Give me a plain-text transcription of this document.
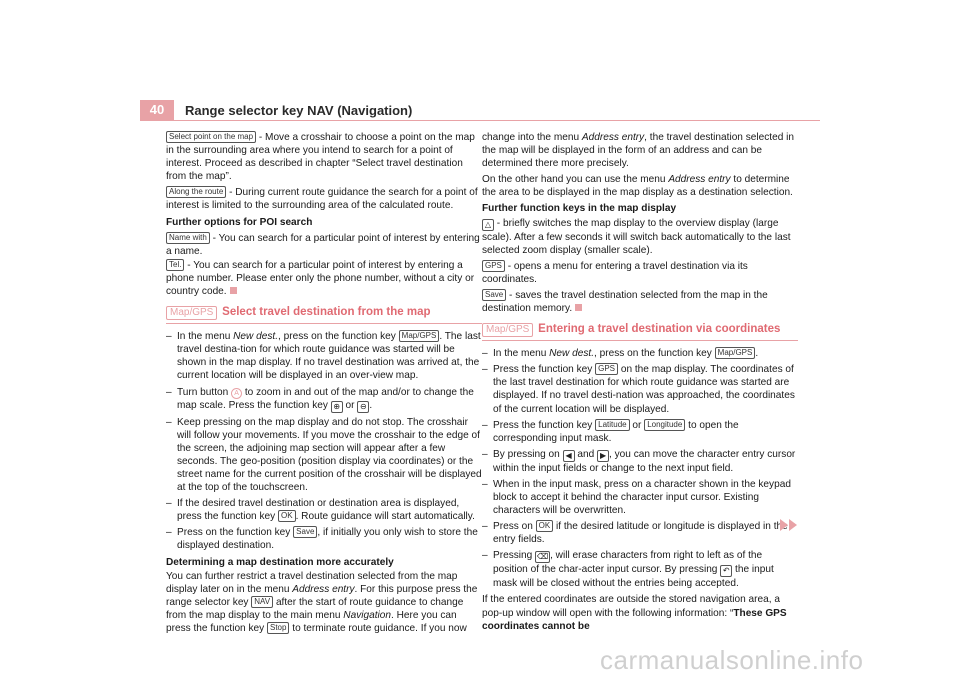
40	Range selector key NAV (Navigation)

Select point on the map - Move a crosshair to choose a point on the map in the surrounding area where you intend to search for a point of interest. Proceed as described in chapter “Select travel destination from the map”.

Along the route - During current route guidance the search for a point of interest is limited to the surrounding area of the calculated route.

Further options for POI search

Name with - You can search for a particular point of interest by entering a name.

Tel. - You can search for a particular point of interest by entering a phone number. Please enter only the phone number, without a city or country code.

Map/GPS Select travel destination from the map
– In the menu New dest., press on the function key Map/GPS . The last travel destina-tion for which route guidance was started will be shown in the map display. If no travel destination was arrived at, the current location will be displayed in an over-view map.
– Turn button A to zoom in and out of the map and/or to change the map scale. Press the function key ⊕ or ⊖ .
– Keep pressing on the map display and do not stop. The crosshair will follow your movements. If you move the crosshair to the edge of the screen, the adjoining map section will appear after a few seconds. The geo-position (position display via coordinates) or the street name for the current position of the crosshair will be displayed at the top of the touchscreen.
– If the desired travel destination or destination area is displayed, press the function key OK . Route guidance will start automatically.
– Press on the function key Save , if initially you only wish to store the displayed destination.

Determining a map destination more accurately

You can further restrict a travel destination selected from the map display later on in the menu Address entry. For this purpose press the range selector key NAV after the start of route guidance to change from the map display to the main menu Navigation. Here you can press the function key Stop to terminate route guidance. If you now

change into the menu Address entry, the travel destination selected in the map will be displayed in the form of an address and can be determined there more precisely.

On the other hand you can use the menu Address entry to determine the area to be displayed in the map display as a destination selection.

Further function keys in the map display

△ - briefly switches the map display to the overview display (large scale). After a few seconds it will switch back automatically to the last selected zoom display (smaller scale).

GPS - opens a menu for entering a travel destination via its coordinates.

Save - saves the travel destination selected from the map in the destination memory.

Map/GPS Entering a travel destination via coordinates
– In the menu New dest., press on the function key Map/GPS .
– Press the function key GPS on the map display. The coordinates of the last travel destination for which route guidance was started are displayed. If no travel desti-nation was approached, the coordinates of the current location will be displayed.
– Press the function key Latitude or Longitude to open the corresponding input mask.
– By pressing on ◀ and ▶ , you can move the character entry cursor within the input fields or change to the next input field.
– When in the input mask, press on a character shown in the keypad block to accept it behind the character input cursor. Existing characters will be overwritten.
– Press on OK if the desired latitude or longitude is displayed in the entry fields.
– Pressing ⌫ , will erase characters from right to left as of the position of the char-acter input cursor. By pressing ↶ the input mask will be closed without the entries being accepted.

If the entered coordinates are outside the stored navigation area, a pop-up window will open with the following information: “These GPS coordinates cannot be

carmanualsonline.info
